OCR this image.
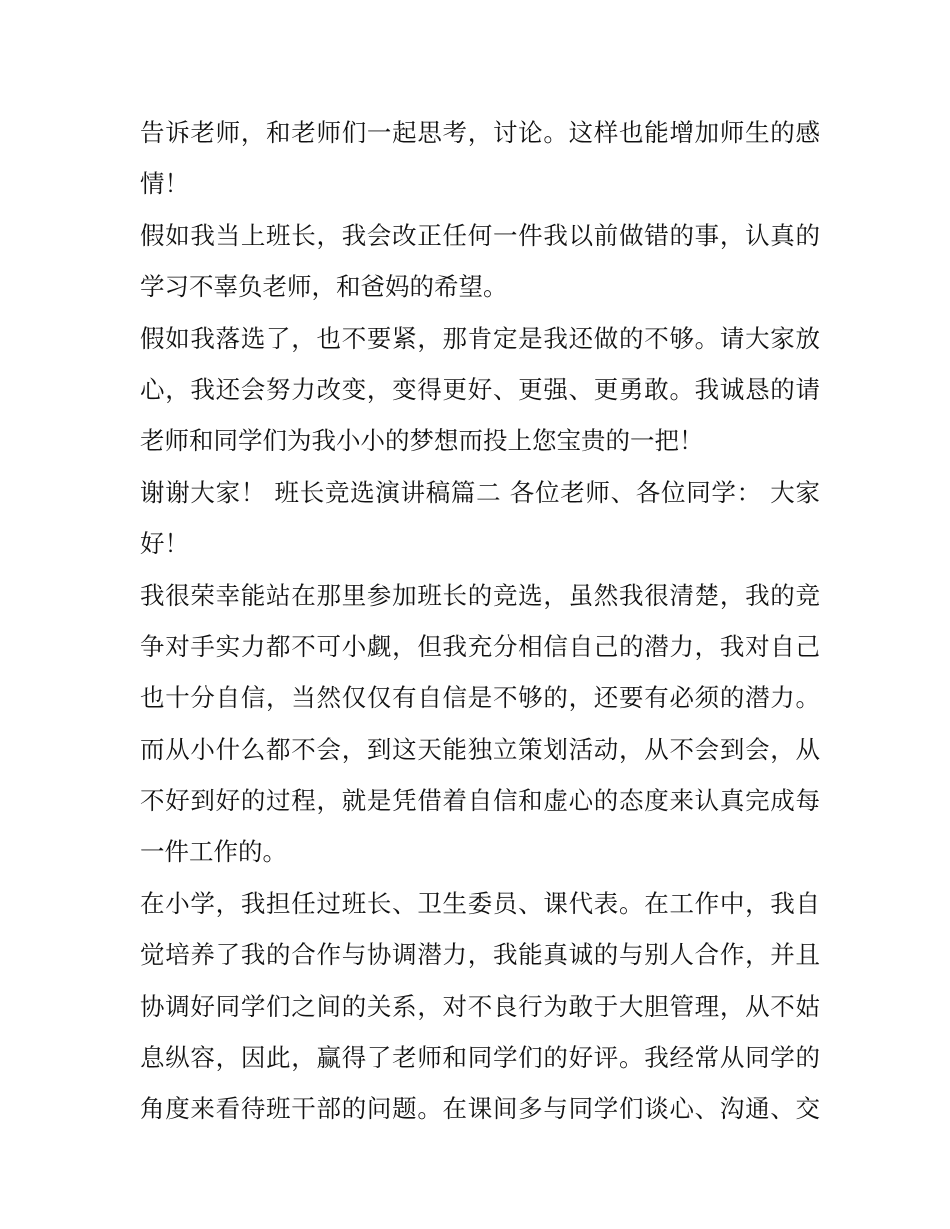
告诉老师，和老师们一起思考，讨论。这样也能增加师生的感
情！
假如我当上班长，我会改正任何一件我以前做错的事，认真的
学习不辜负老师，和爸妈的希望。
假如我落选了，也不要紧，那肯定是我还做的不够。请大家放
心，我还会努力改变，变得更好、更强、更勇敢。我诚恳的请
老师和同学们为我小小的梦想而投上您宝贵的一把！
谢谢大家！ 班长竞选演讲稿篇二 各位老师、各位同学： 大家
好！
我很荣幸能站在那里参加班长的竞选，虽然我很清楚，我的竞
争对手实力都不可小觑，但我充分相信自己的潜力，我对自己
也十分自信，当然仅仅有自信是不够的，还要有必须的潜力。
而从小什么都不会，到这天能独立策划活动，从不会到会，从
不好到好的过程，就是凭借着自信和虚心的态度来认真完成每
一件工作的。
在小学，我担任过班长、卫生委员、课代表。在工作中，我自
觉培养了我的合作与协调潜力，我能真诚的与别人合作，并且
协调好同学们之间的关系，对不良行为敢于大胆管理，从不姑
息纵容，因此，赢得了老师和同学们的好评。我经常从同学的
角度来看待班干部的问题。在课间多与同学们谈心、沟通、交
